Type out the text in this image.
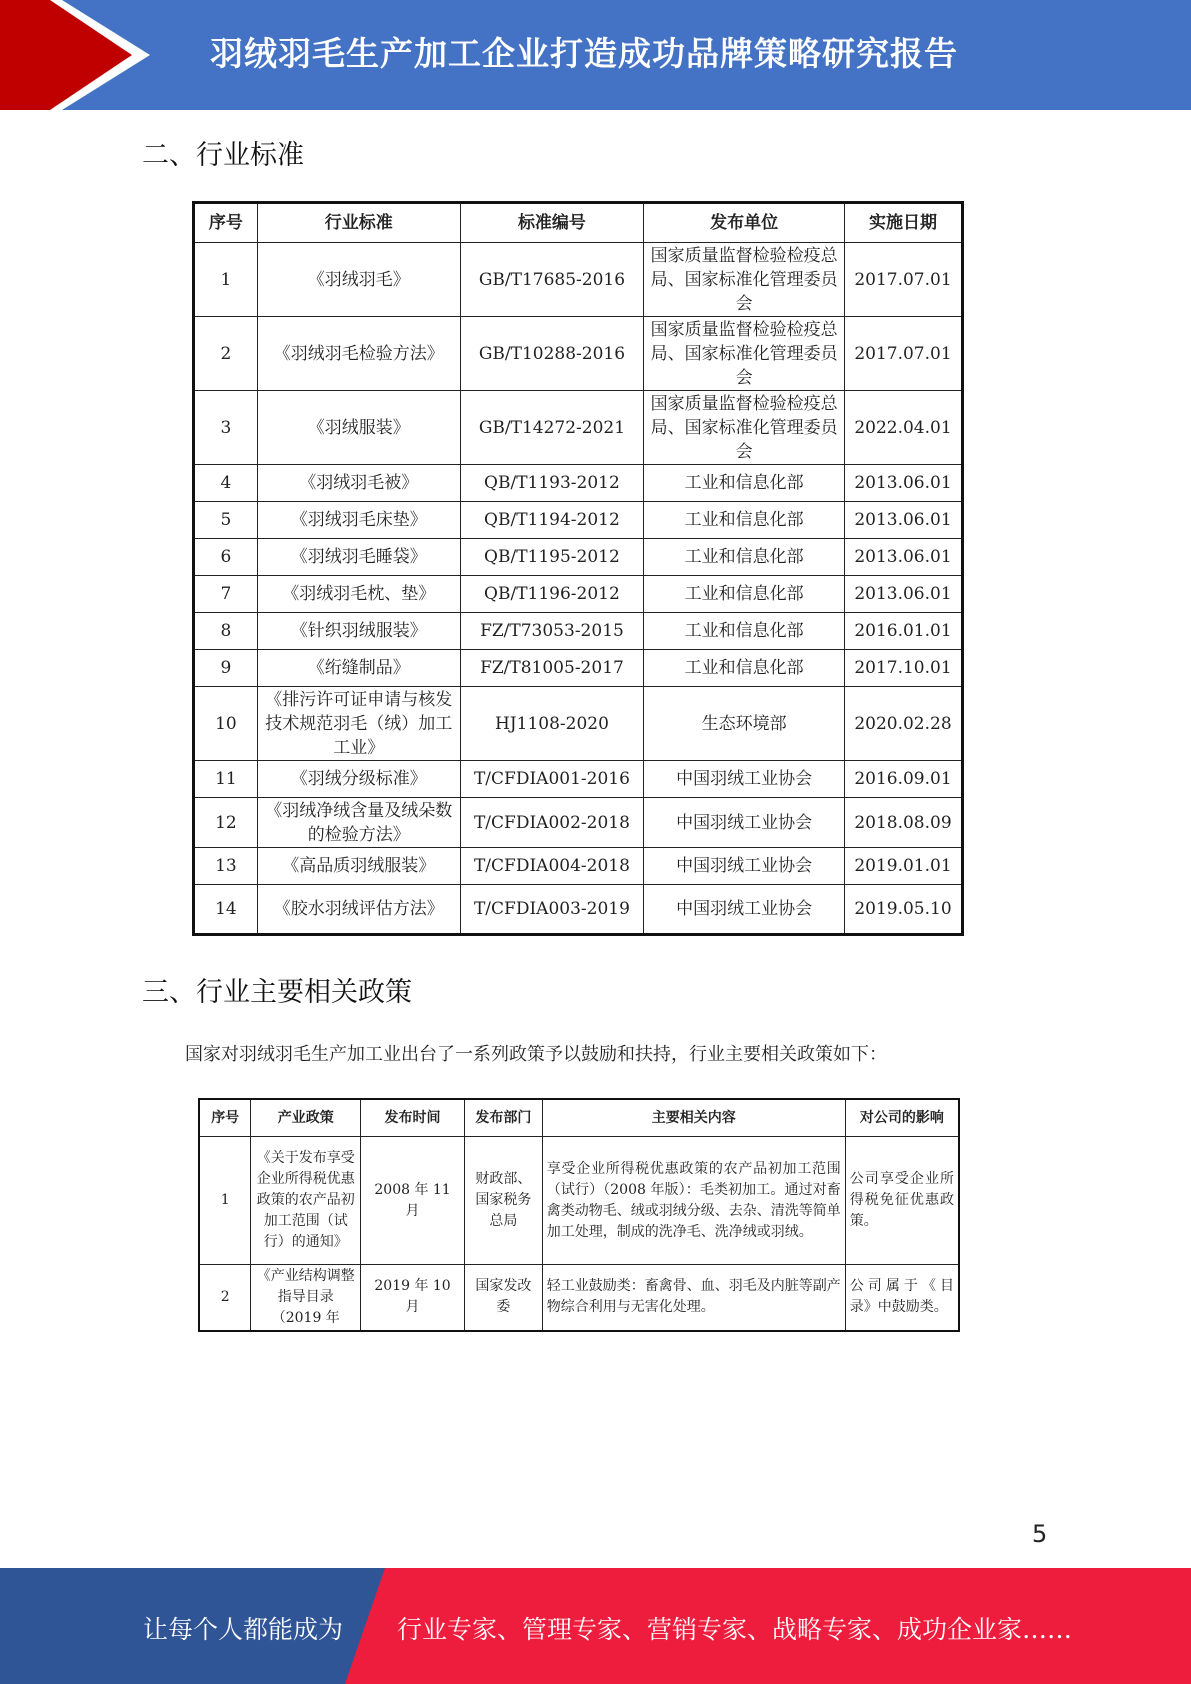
羽绒羽毛生产加工企业打造成功品牌策略研究报告
二、行业标准
序号	行业标准	标准编号	发布单位	实施日期
1	《羽绒羽毛》	GB/T17685-2016	国家质量监督检验检疫总局、国家标准化管理委员会	2017.07.01
2	《羽绒羽毛检验方法》	GB/T10288-2016	国家质量监督检验检疫总局、国家标准化管理委员会	2017.07.01
3	《羽绒服装》	GB/T14272-2021	国家质量监督检验检疫总局、国家标准化管理委员会	2022.04.01
4	《羽绒羽毛被》	QB/T1193-2012	工业和信息化部	2013.06.01
5	《羽绒羽毛床垫》	QB/T1194-2012	工业和信息化部	2013.06.01
6	《羽绒羽毛睡袋》	QB/T1195-2012	工业和信息化部	2013.06.01
7	《羽绒羽毛枕、垫》	QB/T1196-2012	工业和信息化部	2013.06.01
8	《针织羽绒服装》	FZ/T73053-2015	工业和信息化部	2016.01.01
9	《绗缝制品》	FZ/T81005-2017	工业和信息化部	2017.10.01
10	《排污许可证申请与核发技术规范羽毛（绒）加工工业》	HJ1108-2020	生态环境部	2020.02.28
11	《羽绒分级标准》	T/CFDIA001-2016	中国羽绒工业协会	2016.09.01
12	《羽绒净绒含量及绒朵数的检验方法》	T/CFDIA002-2018	中国羽绒工业协会	2018.08.09
13	《高品质羽绒服装》	T/CFDIA004-2018	中国羽绒工业协会	2019.01.01
14	《胶水羽绒评估方法》	T/CFDIA003-2019	中国羽绒工业协会	2019.05.10
三、行业主要相关政策
国家对羽绒羽毛生产加工业出台了一系列政策予以鼓励和扶持，行业主要相关政策如下：
序号	产业政策	发布时间	发布部门	主要相关内容	对公司的影响
1	《关于发布享受企业所得税优惠政策的农产品初加工范围（试行）的通知》	2008 年 11 月	财政部、国家税务总局	享受企业所得税优惠政策的农产品初加工范围（试行）（2008 年版）：毛类初加工。通过对畜禽类动物毛、绒或羽绒分级、去杂、清洗等简单加工处理，制成的洗净毛、洗净绒或羽绒。	公司享受企业所得税免征优惠政策。
2	《产业结构调整指导目录（2019 年	2019 年 10 月	国家发改委	轻工业鼓励类：畜禽骨、血、羽毛及内脏等副产物综合利用与无害化处理。	公司属于《目录》中鼓励类。
5
让每个人都能成为 行业专家、管理专家、营销专家、战略专家、成功企业家……
